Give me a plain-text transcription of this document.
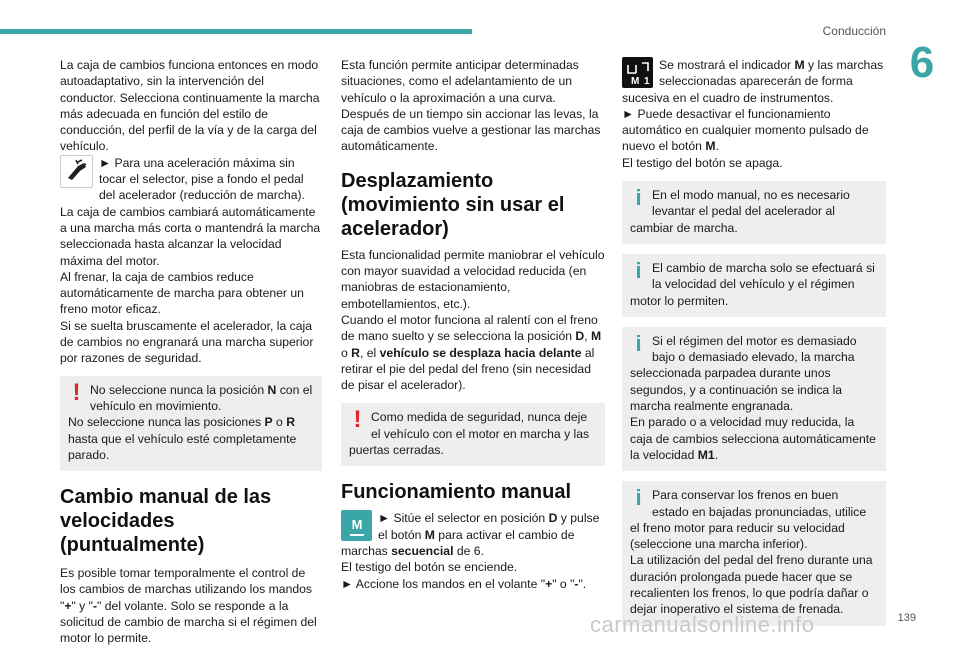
Conducción
6

La caja de cambios funciona entonces en modo autoadaptativo, sin la intervención del conductor. Selecciona continuamente la marcha más adecuada en función del estilo de conducción, del perfil de la vía y de la carga del vehículo.

► Para una aceleración máxima sin tocar el selector, pise a fondo el pedal del acelerador (reducción de marcha).

La caja de cambios cambiará automáticamente a una marcha más corta o mantendrá la marcha seleccionada hasta alcanzar la velocidad máxima del motor.

Al frenar, la caja de cambios reduce automáticamente de marcha para obtener un freno motor eficaz.

Si se suelta bruscamente el acelerador, la caja de cambios no engranará una marcha superior por razones de seguridad.

! No seleccione nunca la posición N con el vehículo en movimiento.

No seleccione nunca las posiciones P o R hasta que el vehículo esté completamente parado.

Cambio manual de las velocidades (puntualmente)

Es posible tomar temporalmente el control de los cambios de marchas utilizando los mandos "+" y "-" del volante. Solo se responde a la solicitud de cambio de marcha si el régimen del motor lo permite.

Esta función permite anticipar determinadas situaciones, como el adelantamiento de un vehículo o la aproximación a una curva.

Después de un tiempo sin accionar las levas, la caja de cambios vuelve a gestionar las marchas automáticamente.

Desplazamiento (movimiento sin usar el acelerador)

Esta funcionalidad permite maniobrar el vehículo con mayor suavidad a velocidad reducida (en maniobras de estacionamiento, embotellamientos, etc.).

Cuando el motor funciona al ralentí con el freno de mano suelto y se selecciona la posición D, M o R, el vehículo se desplaza hacia delante al retirar el pie del pedal del freno (sin necesidad de pisar el acelerador).

! Como medida de seguridad, nunca deje el vehículo con el motor en marcha y las puertas cerradas.

Funcionamiento manual
M	► Sitúe el selector en posición D y pulse el botón M para activar el cambio de marchas secuencial de 6.

El testigo del botón se enciende.

► Accione los mandos en el volante "+" o "-".

M 1

Se mostrará el indicador M y las marchas seleccionadas aparecerán de forma sucesiva en el cuadro de instrumentos.

► Puede desactivar el funcionamiento automático en cualquier momento pulsado de nuevo el botón M.

El testigo del botón se apaga.

i En el modo manual, no es necesario levantar el pedal del acelerador al cambiar de marcha.

i El cambio de marcha solo se efectuará si la velocidad del vehículo y el régimen motor lo permiten.

i Si el régimen del motor es demasiado bajo o demasiado elevado, la marcha seleccionada parpadea durante unos segundos, y a continuación se indica la marcha realmente engranada.

En parado o a velocidad muy reducida, la caja de cambios selecciona automáticamente la velocidad M1.

i Para conservar los frenos en buen estado en bajadas pronunciadas, utilice el freno motor para reducir su velocidad (seleccione una marcha inferior).

La utilización del pedal del freno durante una duración prolongada puede hacer que se recalienten los frenos, lo que podría dañar o dejar inoperativo el sistema de frenada.

carmanualsonline.info	139
